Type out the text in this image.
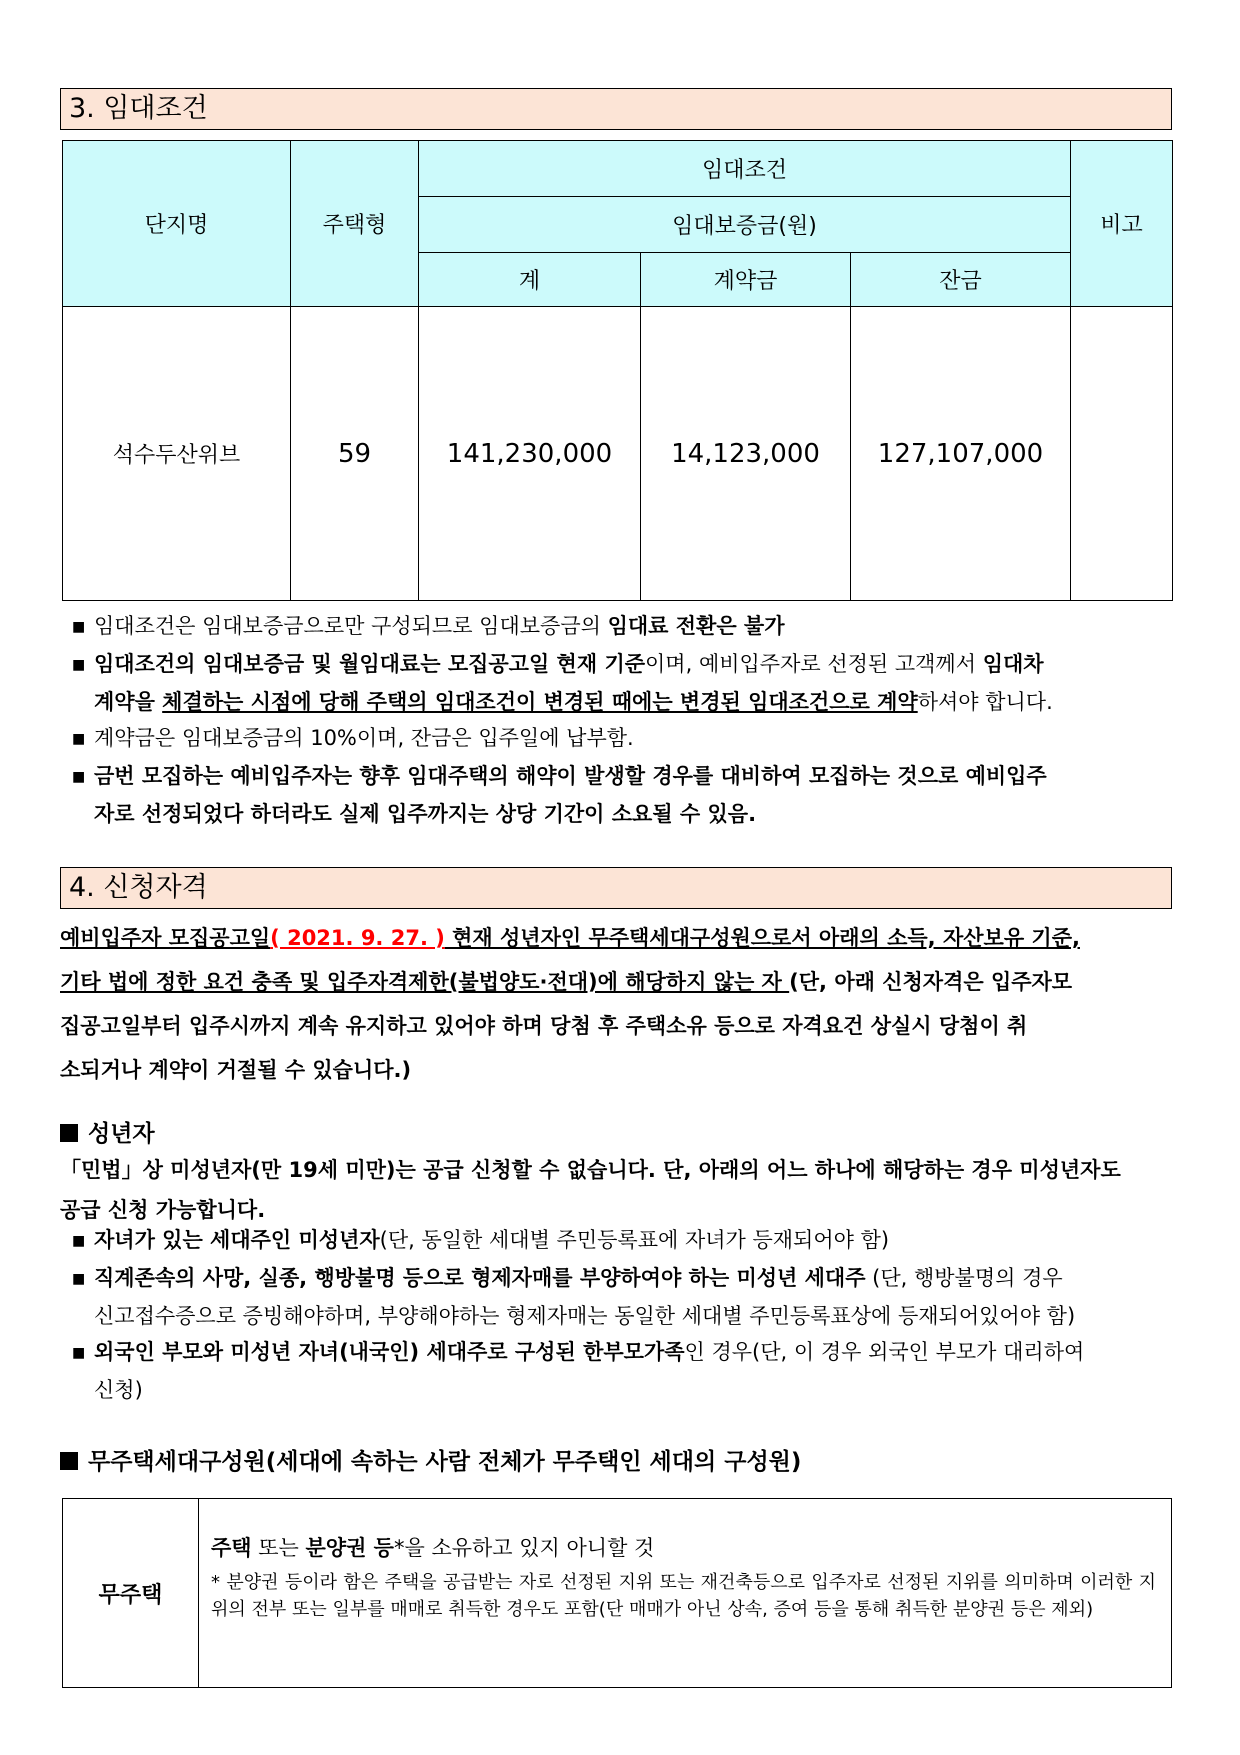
3. 임대조건
단지명	주택형	임대조건			비고
		임대보증금(원)			
		계	계약금	잔금	
석수두산위브	59	141,230,000	14,123,000	127,107,000	
■ 임대조건은 임대보증금으로만 구성되므로 임대보증금의 임대료 전환은 불가
■ 임대조건의 임대보증금 및 월임대료는 모집공고일 현재 기준이며, 예비입주자로 선정된 고객께서 임대차
계약을 체결하는 시점에 당해 주택의 임대조건이 변경된 때에는 변경된 임대조건으로 계약하셔야 합니다.
■ 계약금은 임대보증금의 10%이며, 잔금은 입주일에 납부함.
■ 금번 모집하는 예비입주자는 향후 임대주택의 해약이 발생할 경우를 대비하여 모집하는 것으로 예비입주
자로 선정되었다 하더라도 실제 입주까지는 상당 기간이 소요될 수 있음.
4. 신청자격
예비입주자 모집공고일( 2021. 9. 27. ) 현재 성년자인 무주택세대구성원으로서 아래의 소득, 자산보유 기준,
기타 법에 정한 요건 충족 및 입주자격제한(불법양도·전대)에 해당하지 않는 자 (단, 아래 신청자격은 입주자모
집공고일부터 입주시까지 계속 유지하고 있어야 하며 당첨 후 주택소유 등으로 자격요건 상실시 당첨이 취
소되거나 계약이 거절될 수 있습니다.)
성년자
「민법」상 미성년자(만 19세 미만)는 공급 신청할 수 없습니다. 단, 아래의 어느 하나에 해당하는 경우 미성년자도
공급 신청 가능합니다.
■ 자녀가 있는 세대주인 미성년자(단, 동일한 세대별 주민등록표에 자녀가 등재되어야 함)
■ 직계존속의 사망, 실종, 행방불명 등으로 형제자매를 부양하여야 하는 미성년 세대주 (단, 행방불명의 경우
신고접수증으로 증빙해야하며, 부양해야하는 형제자매는 동일한 세대별 주민등록표상에 등재되어있어야 함)
■ 외국인 부모와 미성년 자녀(내국인) 세대주로 구성된 한부모가족인 경우(단, 이 경우 외국인 부모가 대리하여
신청)
무주택세대구성원(세대에 속하는 사람 전체가 무주택인 세대의 구성원)
무주택
주택 또는 분양권 등*을 소유하고 있지 아니할 것
* 분양권 등이라 함은 주택을 공급받는 자로 선정된 지위 또는 재건축등으로 입주자로 선정된 지위를 의미하며 이러한 지위의 전부 또는 일부를 매매로 취득한 경우도 포함(단 매매가 아닌 상속, 증여 등을 통해 취득한 분양권 등은 제외)
